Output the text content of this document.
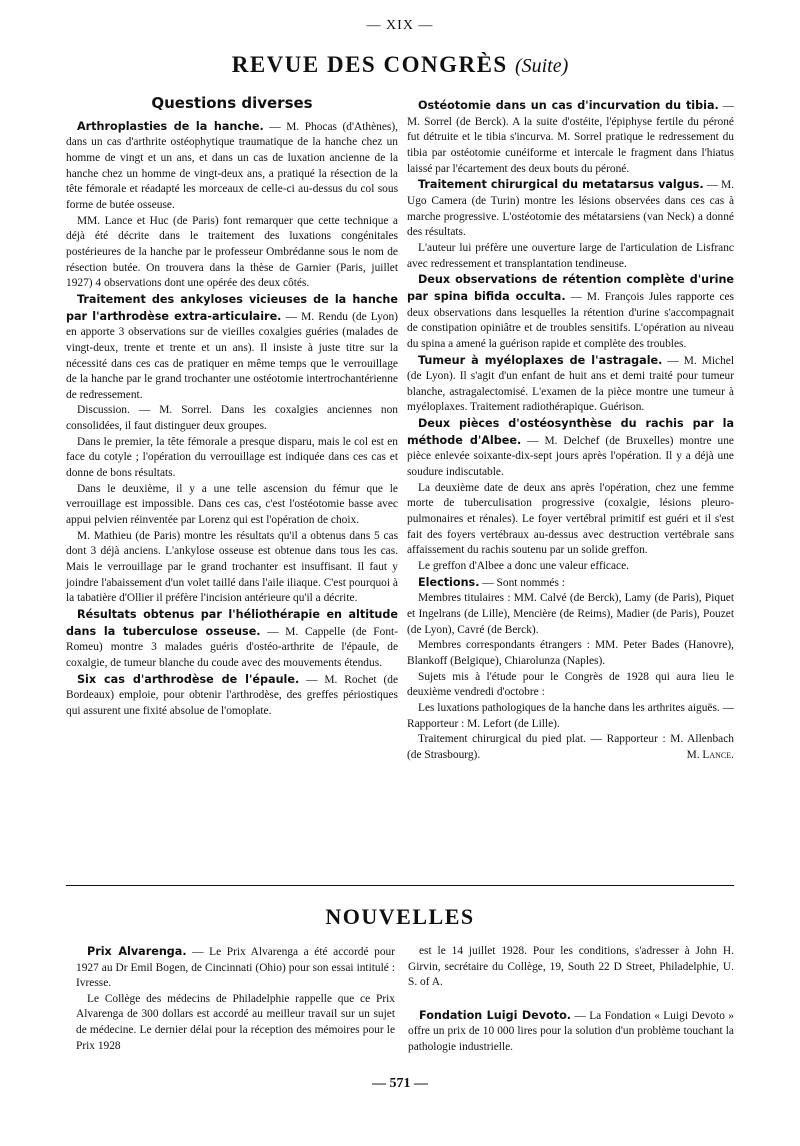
— XIX —
REVUE DES CONGRÈS (Suite)
Questions diverses

Arthroplasties de la hanche. — M. Phocas (d'Athènes), dans un cas d'arthrite ostéophytique traumatique de la hanche chez un homme de vingt et un ans, et dans un cas de luxation ancienne de la hanche chez un homme de vingt-deux ans, a pratiqué la résection de la tête fémorale et réadapté les morceaux de celle-ci au-dessus du col sous forme de butée osseuse.

MM. Lance et Huc (de Paris) font remarquer que cette technique a déjà été décrite dans le traitement des luxations congénitales postérieures de la hanche par le professeur Ombrédanne sous le nom de résection butée. On trouvera dans la thèse de Garnier (Paris, juillet 1927) 4 observations dont une opérée des deux côtés.

Traitement des ankyloses vicieuses de la hanche par l'arthrodèse extra-articulaire. — M. Rendu (de Lyon) en apporte 3 observations sur de vieilles coxalgies guéries (malades de vingt-deux, trente et trente et un ans). Il insiste à juste titre sur la nécessité dans ces cas de pratiquer en même temps que le verrouillage de la hanche par le grand trochanter une ostéotomie intertrochantérienne de redressement.

Discussion. — M. Sorrel. Dans les coxalgies anciennes non consolidées, il faut distinguer deux groupes.

Dans le premier, la tête fémorale a presque disparu, mais le col est en face du cotyle ; l'opération du verrouillage est indiquée dans ces cas et donne de bons résultats.

Dans le deuxième, il y a une telle ascension du fémur que le verrouillage est impossible. Dans ces cas, c'est l'ostéotomie basse avec appui pelvien réinventée par Lorenz qui est l'opération de choix.

M. Mathieu (de Paris) montre les résultats qu'il a obtenus dans 5 cas dont 3 déjà anciens. L'ankylose osseuse est obtenue dans tous les cas. Mais le verrouillage par le grand trochanter est insuffisant. Il faut y joindre l'abaissement d'un volet taillé dans l'aile iliaque. C'est pourquoi à la tabatière d'Ollier il préfère l'incision antérieure qu'il a décrite.

Résultats obtenus par l'héliothérapie en altitude dans la tuberculose osseuse. — M. Cappelle (de Font-Romeu) montre 3 malades guéris d'ostéo-arthrite de l'épaule, de coxalgie, de tumeur blanche du coude avec des mouvements étendus.

Six cas d'arthrodèse de l'épaule. — M. Rochet (de Bordeaux) emploie, pour obtenir l'arthrodèse, des greffes périostiques qui assurent une fixité absolue de l'omoplate.

Ostéotomie dans un cas d'incurvation du tibia. — M. Sorrel (de Berck). A la suite d'ostéite, l'épiphyse fertile du péroné fut détruite et le tibia s'incurva. M. Sorrel pratique le redressement du tibia par ostéotomie cunéiforme et intercale le fragment dans l'hiatus laissé par l'écartement des deux bouts du péroné.

Traitement chirurgical du metatarsus valgus. — M. Ugo Camera (de Turin) montre les lésions observées dans ces cas à marche progressive. L'ostéotomie des métatarsiens (van Neck) a donné des résultats.

L'auteur lui préfère une ouverture large de l'articulation de Lisfranc avec redressement et transplantation tendineuse.

Deux observations de rétention complète d'urine par spina bifida occulta. — M. François Jules rapporte ces deux observations dans lesquelles la rétention d'urine s'accompagnait de constipation opiniâtre et de troubles sensitifs. L'opération au niveau du spina a amené la guérison rapide et complète des troubles.

Tumeur à myéloplaxes de l'astragale. — M. Michel (de Lyon). Il s'agit d'un enfant de huit ans et demi traité pour tumeur blanche, astragalectomisé. L'examen de la pièce montre une tumeur à myéloplaxes. Traitement radiothérapique. Guérison.

Deux pièces d'ostéosynthèse du rachis par la méthode d'Albee. — M. Delchef (de Bruxelles) montre une pièce enlevée soixante-dix-sept jours après l'opération. Il y a déjà une soudure indiscutable.

La deuxième date de deux ans après l'opération, chez une femme morte de tuberculisation progressive (coxalgie, lésions pleuro-pulmonaires et rénales). Le foyer vertébral primitif est guéri et il s'est fait des foyers vertébraux au-dessus avec destruction vertébrale sans affaissement du rachis soutenu par un solide greffon.

Le greffon d'Albee a donc une valeur efficace.

Elections. — Sont nommés :

Membres titulaires : MM. Calvé (de Berck), Lamy (de Paris), Piquet et Ingelrans (de Lille), Mencière (de Reims), Madier (de Paris), Pouzet (de Lyon), Cavré (de Berck).

Membres correspondants étrangers : MM. Peter Bades (Hanovre), Blankoff (Belgique), Chiarolunza (Naples).

Sujets mis à l'étude pour le Congrès de 1928 qui aura lieu le deuxième vendredi d'octobre :

Les luxations pathologiques de la hanche dans les arthrites aiguës. — Rapporteur : M. Lefort (de Lille).

Traitement chirurgical du pied plat. — Rapporteur : M. Allenbach (de Strasbourg).	M. Lance.

NOUVELLES

Prix Alvarenga. — Le Prix Alvarenga a été accordé pour 1927 au Dr Emil Bogen, de Cincinnati (Ohio) pour son essai intitulé : Ivresse.

Le Collège des médecins de Philadelphie rappelle que ce Prix Alvarenga de 300 dollars est accordé au meilleur travail sur un sujet de médecine. Le dernier délai pour la réception des mémoires pour le Prix 1928

est le 14 juillet 1928. Pour les conditions, s'adresser à John H. Girvin, secrétaire du Collège, 19, South 22 D Street, Philadelphie, U. S. of A.

Fondation Luigi Devoto. — La Fondation « Luigi Devoto » offre un prix de 10 000 lires pour la solution d'un problème touchant la pathologie industrielle.

— 571 —
